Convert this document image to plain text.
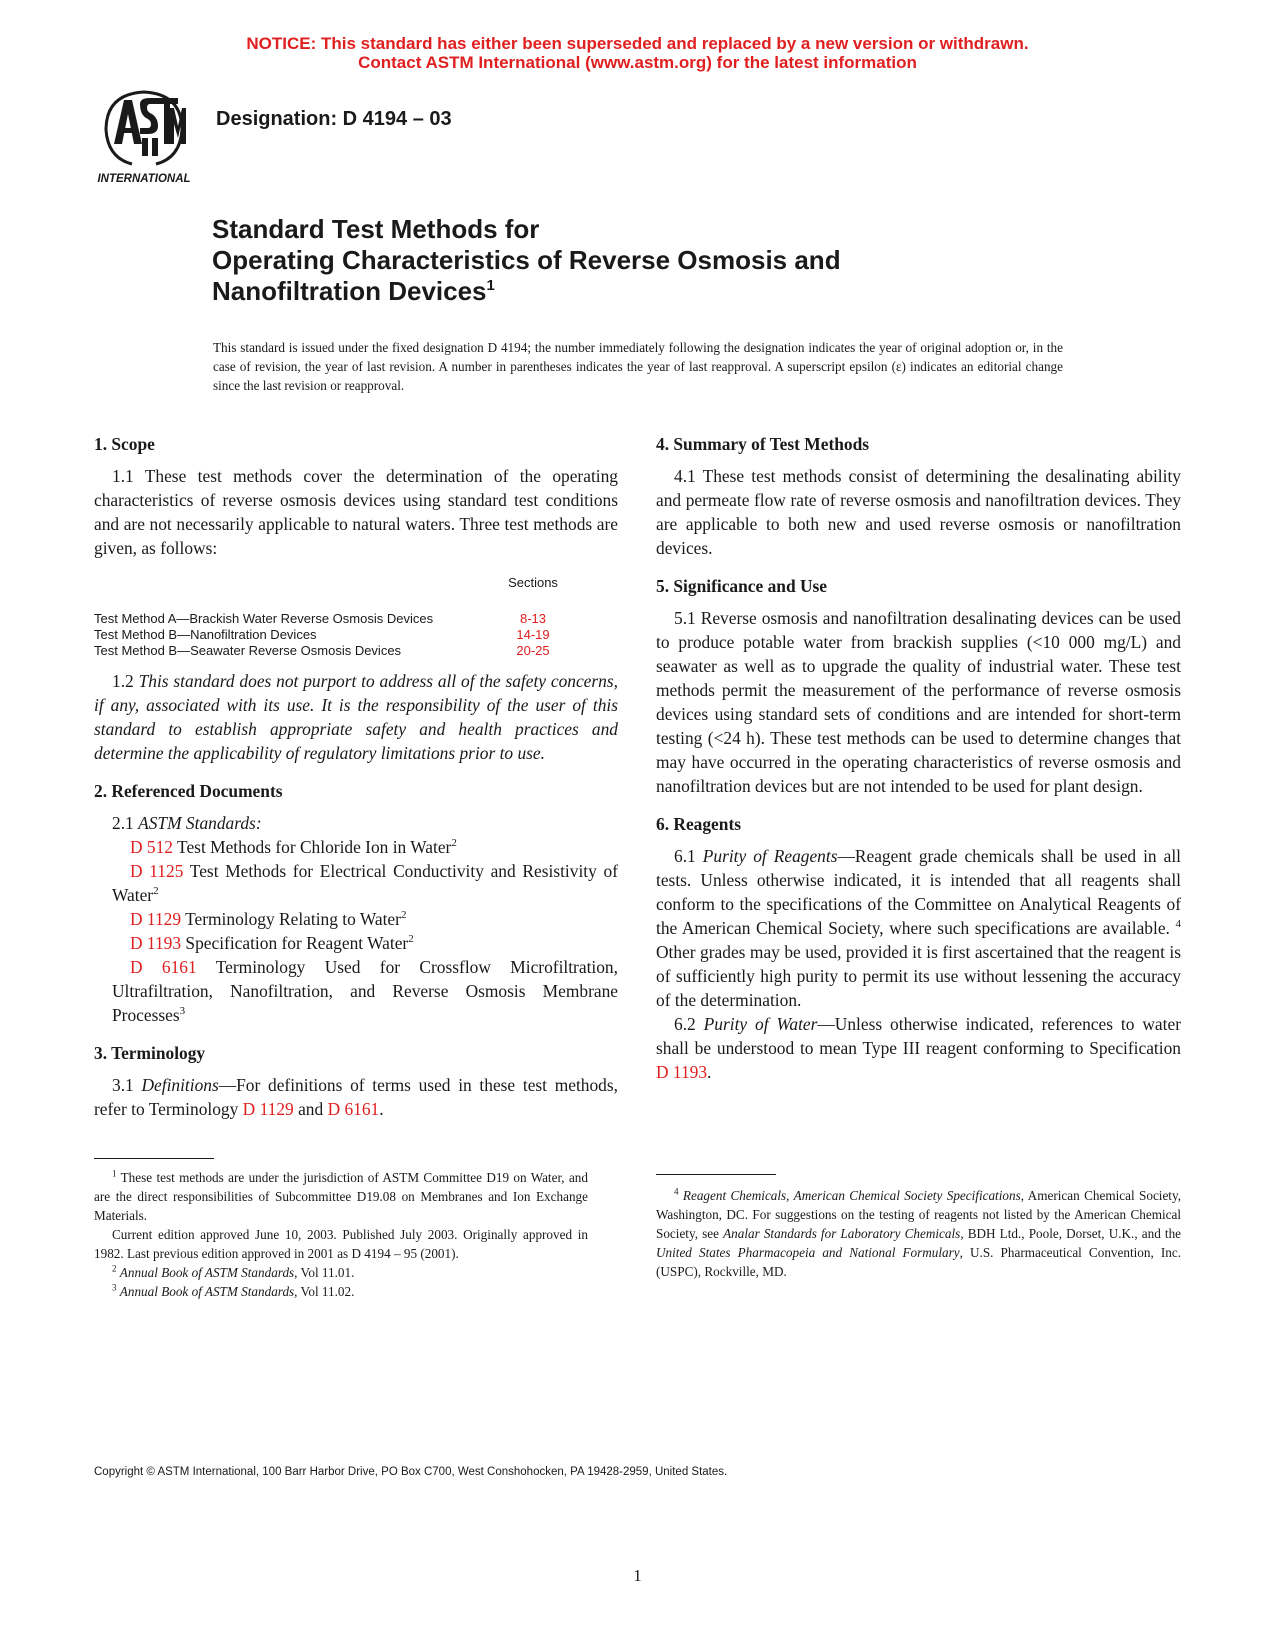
NOTICE: This standard has either been superseded and replaced by a new version or withdrawn.
Contact ASTM International (www.astm.org) for the latest information
INTERNATIONAL
Designation: D 4194 – 03
Standard Test Methods for
Operating Characteristics of Reverse Osmosis and
Nanofiltration Devices$^1$
This standard is issued under the fixed designation D 4194; the number immediately following the designation indicates the year of original adoption or, in the case of revision, the year of last revision. A number in parentheses indicates the year of last reapproval. A superscript epsilon (ε) indicates an editorial change since the last revision or reapproval.
1. Scope

1.1 These test methods cover the determination of the operating characteristics of reverse osmosis devices using standard test conditions and are not necessarily applicable to natural waters. Three test methods are given, as follows:

	Sections
Test Method A—Brackish Water Reverse Osmosis Devices	8-13
Test Method B—Nanofiltration Devices	14-19
Test Method B—Seawater Reverse Osmosis Devices	20-25

1.2 This standard does not purport to address all of the safety concerns, if any, associated with its use. It is the responsibility of the user of this standard to establish appropriate safety and health practices and determine the applicability of regulatory limitations prior to use.

2. Referenced Documents

2.1 ASTM Standards:

D 512 Test Methods for Chloride Ion in Water$^2$

D 1125 Test Methods for Electrical Conductivity and Resistivity of Water$^2$

D 1129 Terminology Relating to Water$^2$

D 1193 Specification for Reagent Water$^2$

D 6161 Terminology Used for Crossflow Microfiltration, Ultrafiltration, Nanofiltration, and Reverse Osmosis Membrane Processes$^3$

3. Terminology

3.1 Definitions—For definitions of terms used in these test methods, refer to Terminology D 1129 and D 6161.

4. Summary of Test Methods

4.1 These test methods consist of determining the desalinating ability and permeate flow rate of reverse osmosis and nanofiltration devices. They are applicable to both new and used reverse osmosis or nanofiltration devices.

5. Significance and Use

5.1 Reverse osmosis and nanofiltration desalinating devices can be used to produce potable water from brackish supplies (<10 000 mg/L) and seawater as well as to upgrade the quality of industrial water. These test methods permit the measurement of the performance of reverse osmosis devices using standard sets of conditions and are intended for short-term testing (<24 h). These test methods can be used to determine changes that may have occurred in the operating characteristics of reverse osmosis and nanofiltration devices but are not intended to be used for plant design.

6. Reagents

6.1 Purity of Reagents—Reagent grade chemicals shall be used in all tests. Unless otherwise indicated, it is intended that all reagents shall conform to the specifications of the Committee on Analytical Reagents of the American Chemical Society, where such specifications are available. $^4$ Other grades may be used, provided it is first ascertained that the reagent is of sufficiently high purity to permit its use without lessening the accuracy of the determination.

6.2 Purity of Water—Unless otherwise indicated, references to water shall be understood to mean Type III reagent conforming to Specification D 1193.

$^1$ These test methods are under the jurisdiction of ASTM Committee D19 on Water, and are the direct responsibilities of Subcommittee D19.08 on Membranes and Ion Exchange Materials.

Current edition approved June 10, 2003. Published July 2003. Originally approved in 1982. Last previous edition approved in 2001 as D 4194 – 95 (2001).

$^2$ Annual Book of ASTM Standards, Vol 11.01.

$^3$ Annual Book of ASTM Standards, Vol 11.02.

$^4$ Reagent Chemicals, American Chemical Society Specifications, American Chemical Society, Washington, DC. For suggestions on the testing of reagents not listed by the American Chemical Society, see Analar Standards for Laboratory Chemicals, BDH Ltd., Poole, Dorset, U.K., and the United States Pharmacopeia and National Formulary, U.S. Pharmaceutical Convention, Inc. (USPC), Rockville, MD.

Copyright © ASTM International, 100 Barr Harbor Drive, PO Box C700, West Conshohocken, PA 19428-2959, United States.
1
